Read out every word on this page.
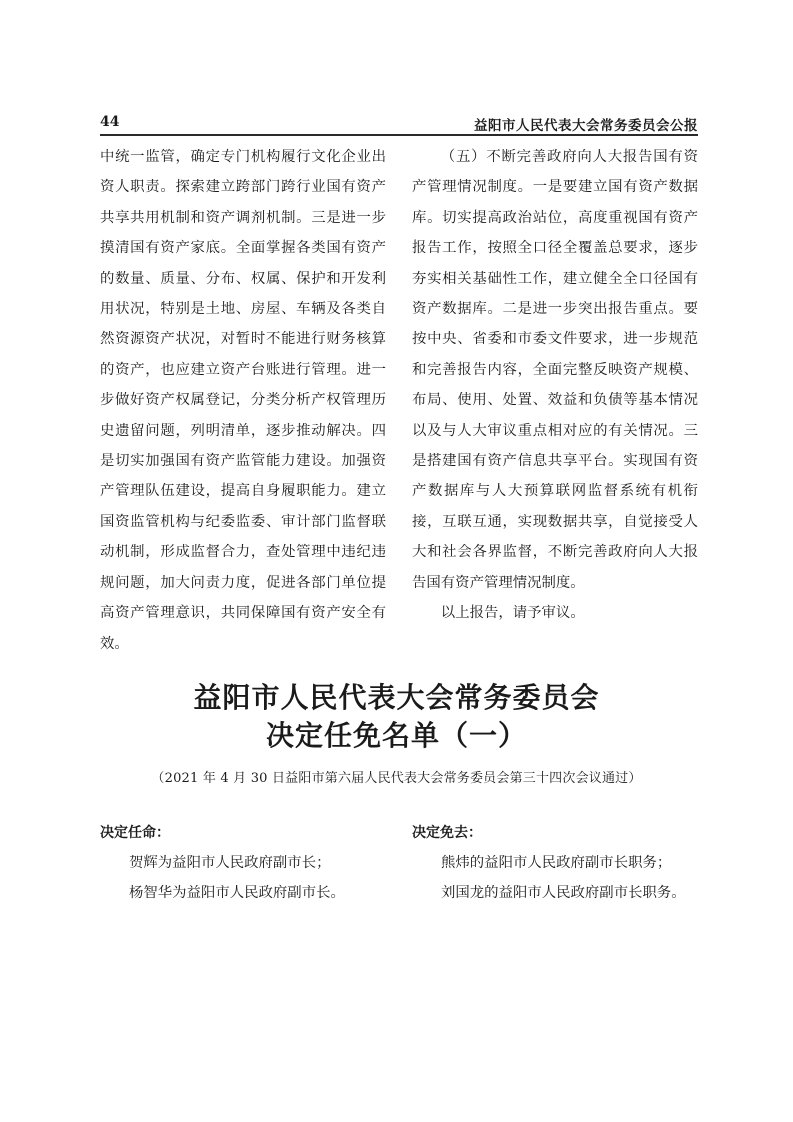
44	益阳市人民代表大会常务委员会公报

中统一监管，确定专门机构履行文化企业出资人职责。探索建立跨部门跨行业国有资产共享共用机制和资产调剂机制。三是进一步摸清国有资产家底。全面掌握各类国有资产的数量、质量、分布、权属、保护和开发利用状况，特别是土地、房屋、车辆及各类自然资源资产状况，对暂时不能进行财务核算的资产，也应建立资产台账进行管理。进一步做好资产权属登记，分类分析产权管理历史遗留问题，列明清单，逐步推动解决。四是切实加强国有资产监管能力建设。加强资产管理队伍建设，提高自身履职能力。建立国资监管机构与纪委监委、审计部门监督联动机制，形成监督合力，查处管理中违纪违规问题，加大问责力度，促进各部门单位提高资产管理意识，共同保障国有资产安全有效。

（五）不断完善政府向人大报告国有资产管理情况制度。一是要建立国有资产数据库。切实提高政治站位，高度重视国有资产报告工作，按照全口径全覆盖总要求，逐步夯实相关基础性工作，建立健全全口径国有资产数据库。二是进一步突出报告重点。要按中央、省委和市委文件要求，进一步规范和完善报告内容，全面完整反映资产规模、布局、使用、处置、效益和负债等基本情况以及与人大审议重点相对应的有关情况。三是搭建国有资产信息共享平台。实现国有资产数据库与人大预算联网监督系统有机衔接，互联互通，实现数据共享，自觉接受人大和社会各界监督，不断完善政府向人大报告国有资产管理情况制度。

以上报告，请予审议。

益阳市人民代表大会常务委员会
决定任免名单（一）
（2021 年 4 月 30 日益阳市第六届人民代表大会常务委员会第三十四次会议通过）
决定任命：
贺辉为益阳市人民政府副市长；
杨智华为益阳市人民政府副市长。
决定免去：
熊炜的益阳市人民政府副市长职务；
刘国龙的益阳市人民政府副市长职务。
